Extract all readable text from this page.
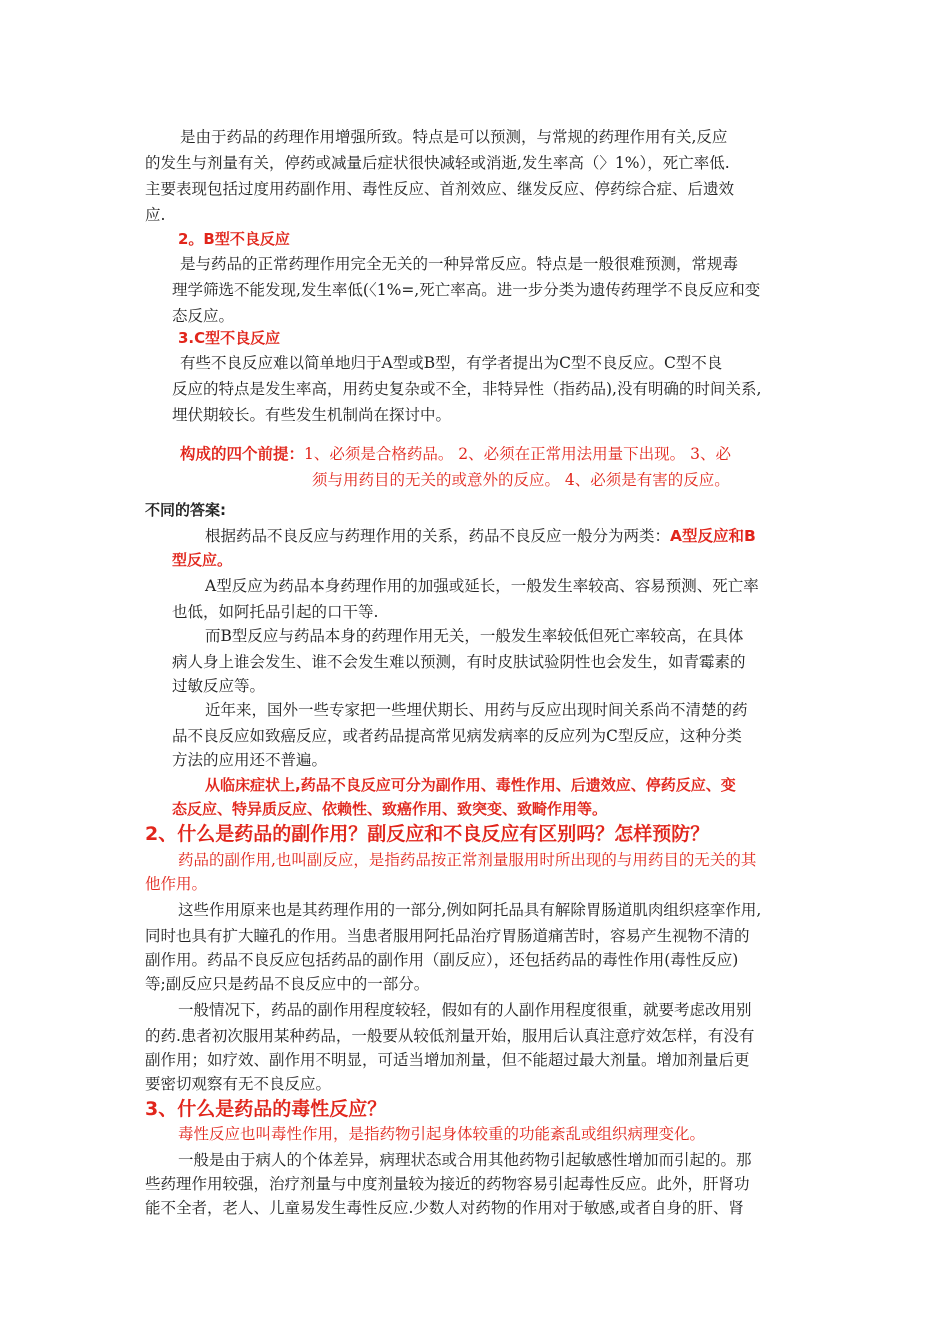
是由于药品的药理作用增强所致。特点是可以预测，与常规的药理作用有关,反应
的发生与剂量有关，停药或减量后症状很快减轻或消逝,发生率高（〉1%），死亡率低.
主要表现包括过度用药副作用、毒性反应、首剂效应、继发反应、停药综合症、后遗效
应.
2。B型不良反应
是与药品的正常药理作用完全无关的一种异常反应。特点是一般很难预测，常规毒
理学筛选不能发现,发生率低(〈1%=,死亡率高。进一步分类为遗传药理学不良反应和变
态反应。
3.C型不良反应
有些不良反应难以简单地归于A型或B型，有学者提出为C型不良反应。C型不良
反应的特点是发生率高，用药史复杂或不全，非特异性（指药品),没有明确的时间关系,
埋伏期较长。有些发生机制尚在探讨中。
构成的四个前提：1、必须是合格药品。 2、必须在正常用法用量下出现。 3、必
须与用药目的无关的或意外的反应。 4、必须是有害的反应。
不同的答案:
根据药品不良反应与药理作用的关系，药品不良反应一般分为两类：A型反应和B
型反应。
A型反应为药品本身药理作用的加强或延长，一般发生率较高、容易预测、死亡率
也低，如阿托品引起的口干等.
而B型反应与药品本身的药理作用无关，一般发生率较低但死亡率较高，在具体
病人身上谁会发生、谁不会发生难以预测，有时皮肤试验阴性也会发生，如青霉素的
过敏反应等。
近年来，国外一些专家把一些埋伏期长、用药与反应出现时间关系尚不清楚的药
品不良反应如致癌反应，或者药品提高常见病发病率的反应列为C型反应，这种分类
方法的应用还不普遍。
从临床症状上,药品不良反应可分为副作用、毒性作用、后遗效应、停药反应、变
态反应、特异质反应、依赖性、致癌作用、致突变、致畸作用等。
2、什么是药品的副作用？副反应和不良反应有区别吗？怎样预防？
药品的副作用,也叫副反应，是指药品按正常剂量服用时所出现的与用药目的无关的其
他作用。
这些作用原来也是其药理作用的一部分,例如阿托品具有解除胃肠道肌肉组织痉挛作用,
同时也具有扩大瞳孔的作用。当患者服用阿托品治疗胃肠道痛苦时，容易产生视物不清的
副作用。药品不良反应包括药品的副作用（副反应），还包括药品的毒性作用(毒性反应)
等;副反应只是药品不良反应中的一部分。
一般情况下，药品的副作用程度较轻，假如有的人副作用程度很重，就要考虑改用别
的药.患者初次服用某种药品，一般要从较低剂量开始，服用后认真注意疗效怎样，有没有
副作用；如疗效、副作用不明显，可适当增加剂量，但不能超过最大剂量。增加剂量后更
要密切观察有无不良反应。
3、什么是药品的毒性反应？
毒性反应也叫毒性作用，是指药物引起身体较重的功能紊乱或组织病理变化。
一般是由于病人的个体差异，病理状态或合用其他药物引起敏感性增加而引起的。那
些药理作用较强，治疗剂量与中度剂量较为接近的药物容易引起毒性反应。此外，肝肾功
能不全者，老人、儿童易发生毒性反应.少数人对药物的作用对于敏感,或者自身的肝、肾
